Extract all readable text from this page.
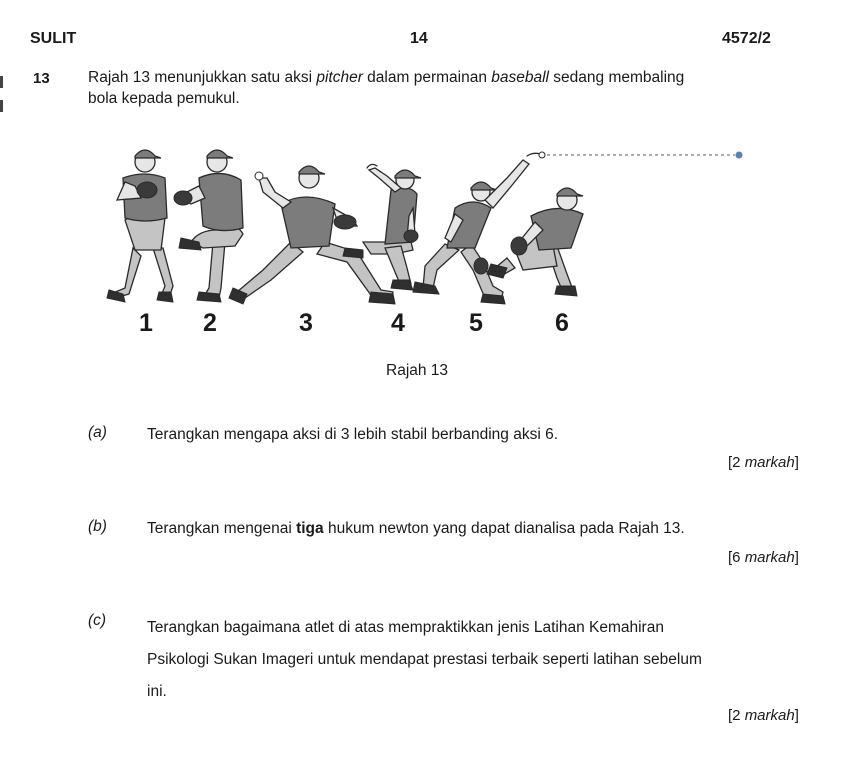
SULIT	14	4572/2
13 Rajah 13 menunjukkan satu aksi pitcher dalam permainan baseball sedang membaling
bola kepada pemukul.
1 2	3	4	5	6
Rajah 13
(a)	Terangkan mengapa aksi di 3 lebih stabil berbanding aksi 6.
[2 markah]
(b)	Terangkan mengenai tiga hukum newton yang dapat dianalisa pada Rajah 13.
[6 markah]
(c)	Terangkan bagaimana atlet di atas mempraktikkan jenis Latihan Kemahiran
Psikologi Sukan Imageri untuk mendapat prestasi terbaik seperti latihan sebelum
ini.
[2 markah]
